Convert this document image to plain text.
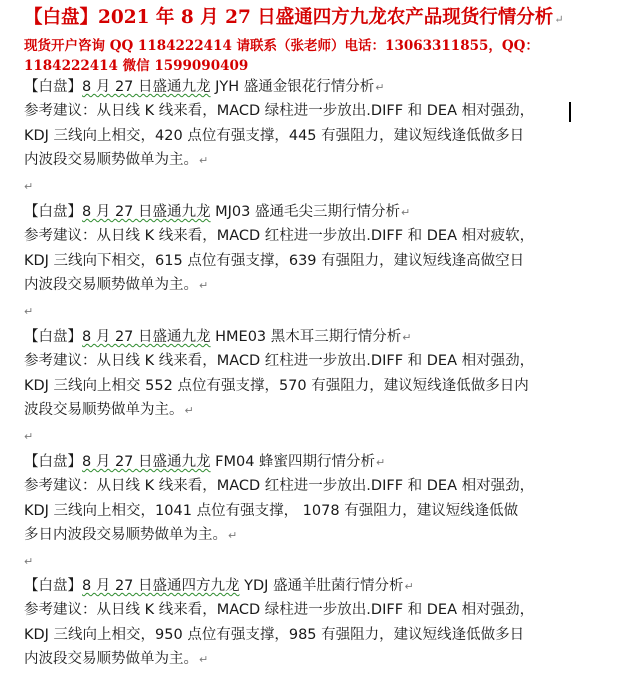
【白盘】2021 年 8 月 27 日盛通四方九龙农产品现货行情分析↵
现货开户咨询 QQ 1184222414 请联系（张老师）电话：13063311855，QQ：
1184222414 微信 1599090409
【白盘】8 月 27 日盛通九龙 JYH 盛通金银花行情分析↵
参考建议：从日线 K 线来看，MACD 绿柱进一步放出.DIFF 和 DEA 相对强劲，
KDJ 三线向上相交，420 点位有强支撑，445 有强阻力，建议短线逢低做多日
内波段交易顺势做单为主。↵
↵
【白盘】8 月 27 日盛通九龙 MJ03 盛通毛尖三期行情分析↵
参考建议：从日线 K 线来看，MACD 红柱进一步放出.DIFF 和 DEA 相对疲软，
KDJ 三线向下相交，615 点位有强支撑，639 有强阻力，建议短线逢高做空日
内波段交易顺势做单为主。↵
↵
【白盘】8 月 27 日盛通九龙 HME03 黑木耳三期行情分析↵
参考建议：从日线 K 线来看，MACD 红柱进一步放出.DIFF 和 DEA 相对强劲，
KDJ 三线向上相交 552 点位有强支撑，570 有强阻力，建议短线逢低做多日内
波段交易顺势做单为主。↵
↵
【白盘】8 月 27 日盛通九龙 FM04 蜂蜜四期行情分析↵
参考建议：从日线 K 线来看，MACD 红柱进一步放出.DIFF 和 DEA 相对强劲，
KDJ 三线向上相交，1041 点位有强支撑， 1078 有强阻力，建议短线逢低做
多日内波段交易顺势做单为主。↵
↵
【白盘】8 月 27 日盛通四方九龙 YDJ 盛通羊肚菌行情分析↵
参考建议：从日线 K 线来看，MACD 绿柱进一步放出.DIFF 和 DEA 相对强劲，
KDJ 三线向上相交，950 点位有强支撑，985 有强阻力，建议短线逢低做多日
内波段交易顺势做单为主。↵
